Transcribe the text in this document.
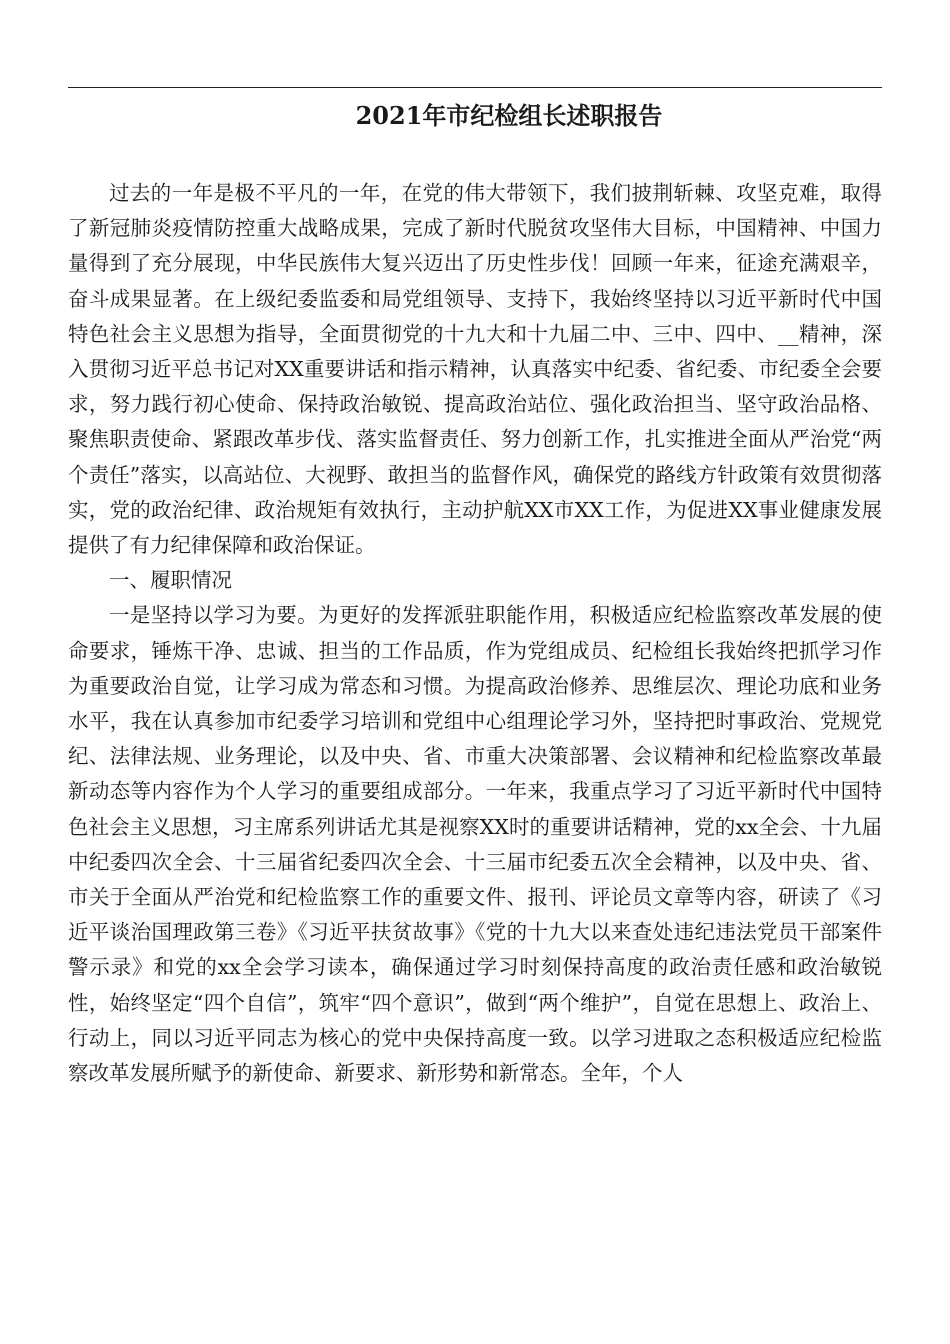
2021年市纪检组长述职报告

过去的一年是极不平凡的一年，在党的伟大带领下，我们披荆斩棘、攻坚克难，取得了新冠肺炎疫情防控重大战略成果，完成了新时代脱贫攻坚伟大目标，中国精神、中国力量得到了充分展现，中华民族伟大复兴迈出了历史性步伐！回顾一年来，征途充满艰辛，奋斗成果显著。在上级纪委监委和局党组领导、支持下，我始终坚持以习近平新时代中国特色社会主义思想为指导，全面贯彻党的十九大和十九届二中、三中、四中、__精神，深入贯彻习近平总书记对XX重要讲话和指示精神，认真落实中纪委、省纪委、市纪委全会要求，努力践行初心使命、保持政治敏锐、提高政治站位、强化政治担当、坚守政治品格、聚焦职责使命、紧跟改革步伐、落实监督责任、努力创新工作，扎实推进全面从严治党“两个责任”落实，以高站位、大视野、敢担当的监督作风，确保党的路线方针政策有效贯彻落实，党的政治纪律、政治规矩有效执行，主动护航XX市XX工作，为促进XX事业健康发展提供了有力纪律保障和政治保证。

一、履职情况

一是坚持以学习为要。为更好的发挥派驻职能作用，积极适应纪检监察改革发展的使命要求，锤炼干净、忠诚、担当的工作品质，作为党组成员、纪检组长我始终把抓学习作为重要政治自觉，让学习成为常态和习惯。为提高政治修养、思维层次、理论功底和业务水平，我在认真参加市纪委学习培训和党组中心组理论学习外，坚持把时事政治、党规党纪、法律法规、业务理论，以及中央、省、市重大决策部署、会议精神和纪检监察改革最新动态等内容作为个人学习的重要组成部分。一年来，我重点学习了习近平新时代中国特色社会主义思想，习主席系列讲话尤其是视察XX时的重要讲话精神，党的xx全会、十九届中纪委四次全会、十三届省纪委四次全会、十三届市纪委五次全会精神，以及中央、省、市关于全面从严治党和纪检监察工作的重要文件、报刊、评论员文章等内容，研读了《习近平谈治国理政第三卷》《习近平扶贫故事》《党的十九大以来查处违纪违法党员干部案件警示录》和党的xx全会学习读本，确保通过学习时刻保持高度的政治责任感和政治敏锐性，始终坚定“四个自信”，筑牢“四个意识”，做到“两个维护”，自觉在思想上、政治上、行动上，同以习近平同志为核心的党中央保持高度一致。以学习进取之态积极适应纪检监察改革发展所赋予的新使命、新要求、新形势和新常态。全年，个人
